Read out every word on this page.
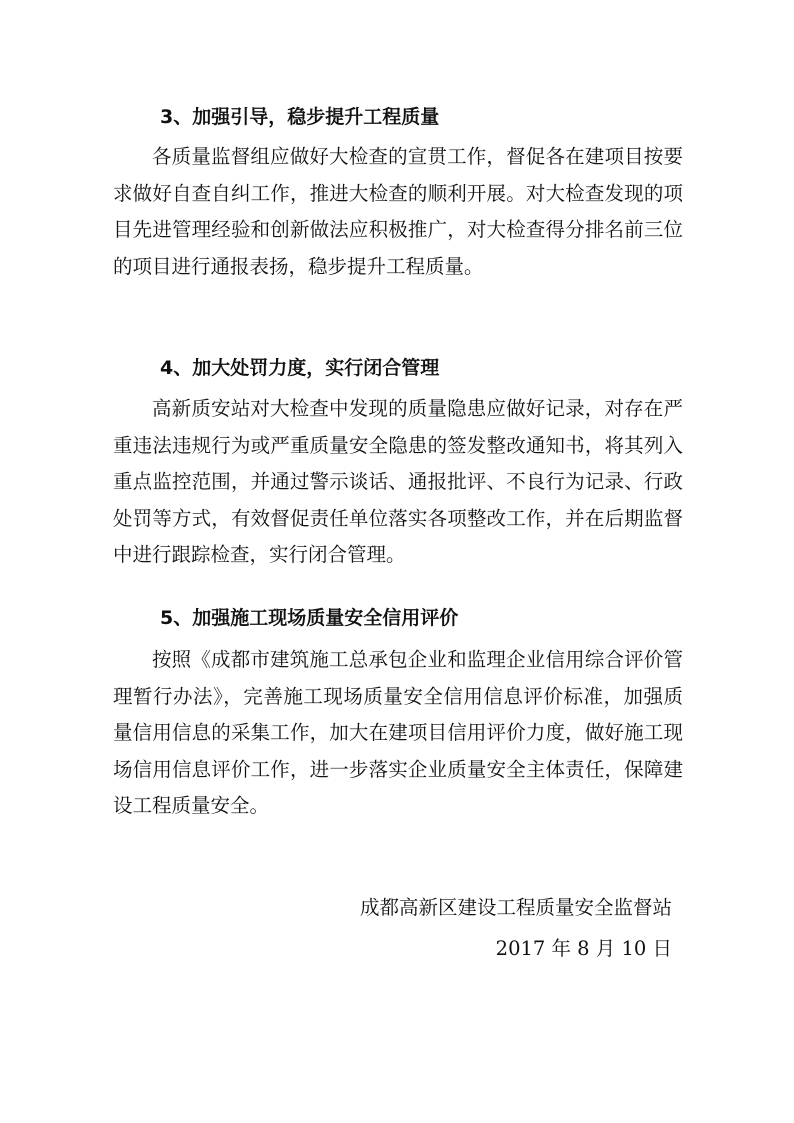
3、加强引导，稳步提升工程质量

各质量监督组应做好大检查的宣贯工作，督促各在建项目按要求做好自查自纠工作，推进大检查的顺利开展。对大检查发现的项目先进管理经验和创新做法应积极推广，对大检查得分排名前三位的项目进行通报表扬，稳步提升工程质量。

4、加大处罚力度，实行闭合管理

高新质安站对大检查中发现的质量隐患应做好记录，对存在严重违法违规行为或严重质量安全隐患的签发整改通知书，将其列入重点监控范围，并通过警示谈话、通报批评、不良行为记录、行政处罚等方式，有效督促责任单位落实各项整改工作，并在后期监督中进行跟踪检查，实行闭合管理。

5、加强施工现场质量安全信用评价

按照《成都市建筑施工总承包企业和监理企业信用综合评价管理暂行办法》，完善施工现场质量安全信用信息评价标准，加强质量信用信息的采集工作，加大在建项目信用评价力度，做好施工现场信用信息评价工作，进一步落实企业质量安全主体责任，保障建设工程质量安全。

成都高新区建设工程质量安全监督站
2017 年 8 月 10 日
